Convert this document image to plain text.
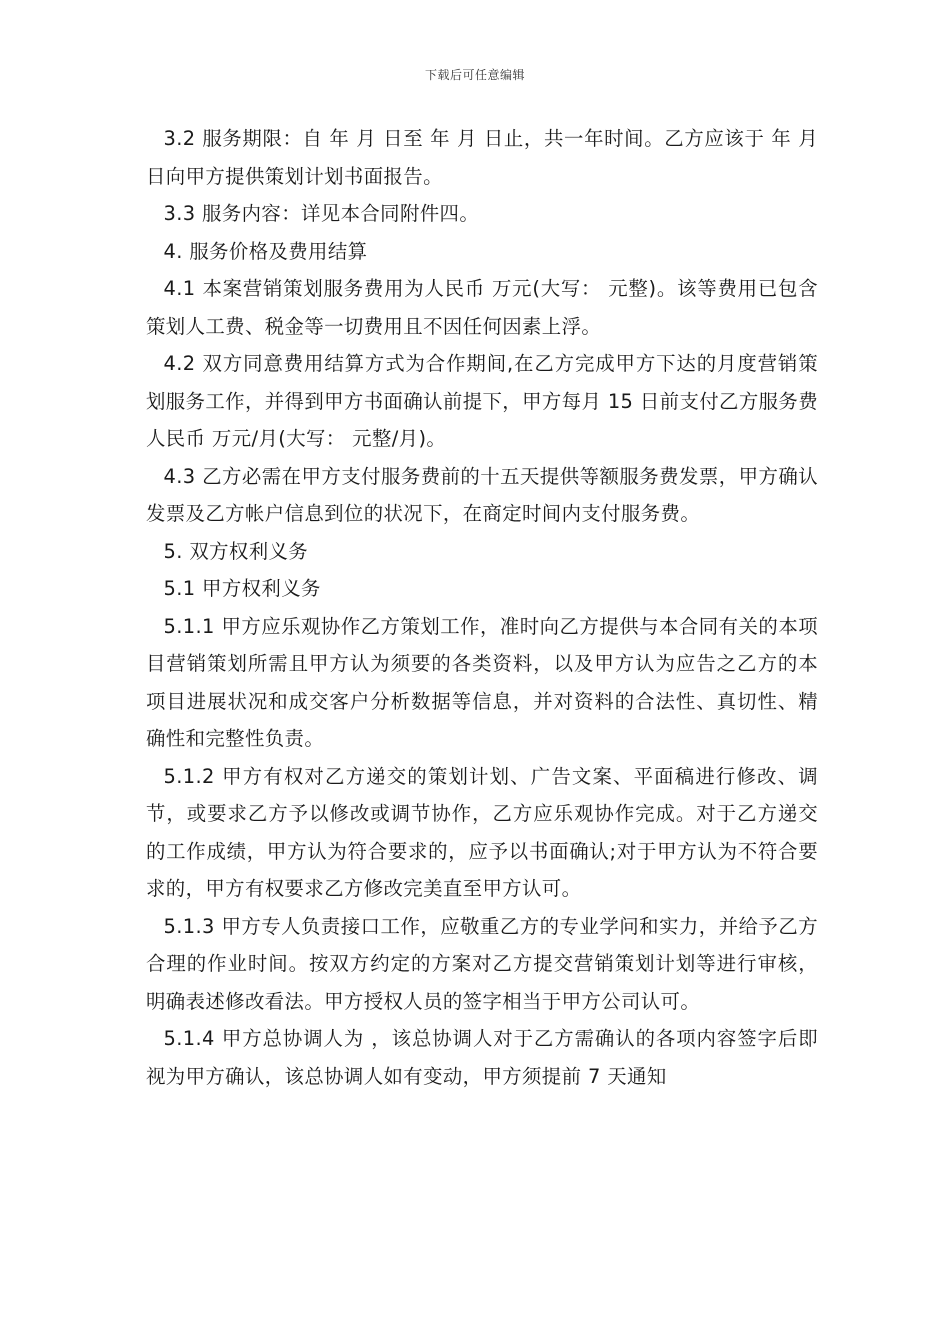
下载后可任意编辑

3.2 服务期限：自 年 月 日至 年 月 日止，共一年时间。乙方应该于 年 月 日向甲方提供策划计划书面报告。

3.3 服务内容：详见本合同附件四。

4. 服务价格及费用结算

4.1 本案营销策划服务费用为人民币 万元(大写： 元整)。该等费用已包含策划人工费、税金等一切费用且不因任何因素上浮。

4.2 双方同意费用结算方式为合作期间,在乙方完成甲方下达的月度营销策划服务工作，并得到甲方书面确认前提下，甲方每月 15 日前支付乙方服务费人民币 万元/月(大写： 元整/月)。

4.3 乙方必需在甲方支付服务费前的十五天提供等额服务费发票，甲方确认发票及乙方帐户信息到位的状况下，在商定时间内支付服务费。

5. 双方权利义务

5.1 甲方权利义务

5.1.1 甲方应乐观协作乙方策划工作，准时向乙方提供与本合同有关的本项目营销策划所需且甲方认为须要的各类资料，以及甲方认为应告之乙方的本项目进展状况和成交客户分析数据等信息，并对资料的合法性、真切性、精确性和完整性负责。

5.1.2 甲方有权对乙方递交的策划计划、广告文案、平面稿进行修改、调节，或要求乙方予以修改或调节协作，乙方应乐观协作完成。对于乙方递交的工作成绩，甲方认为符合要求的，应予以书面确认;对于甲方认为不符合要求的，甲方有权要求乙方修改完美直至甲方认可。

5.1.3 甲方专人负责接口工作，应敬重乙方的专业学问和实力，并给予乙方合理的作业时间。按双方约定的方案对乙方提交营销策划计划等进行审核，明确表述修改看法。甲方授权人员的签字相当于甲方公司认可。

5.1.4 甲方总协调人为 ，该总协调人对于乙方需确认的各项内容签字后即视为甲方确认，该总协调人如有变动，甲方须提前 7 天通知
